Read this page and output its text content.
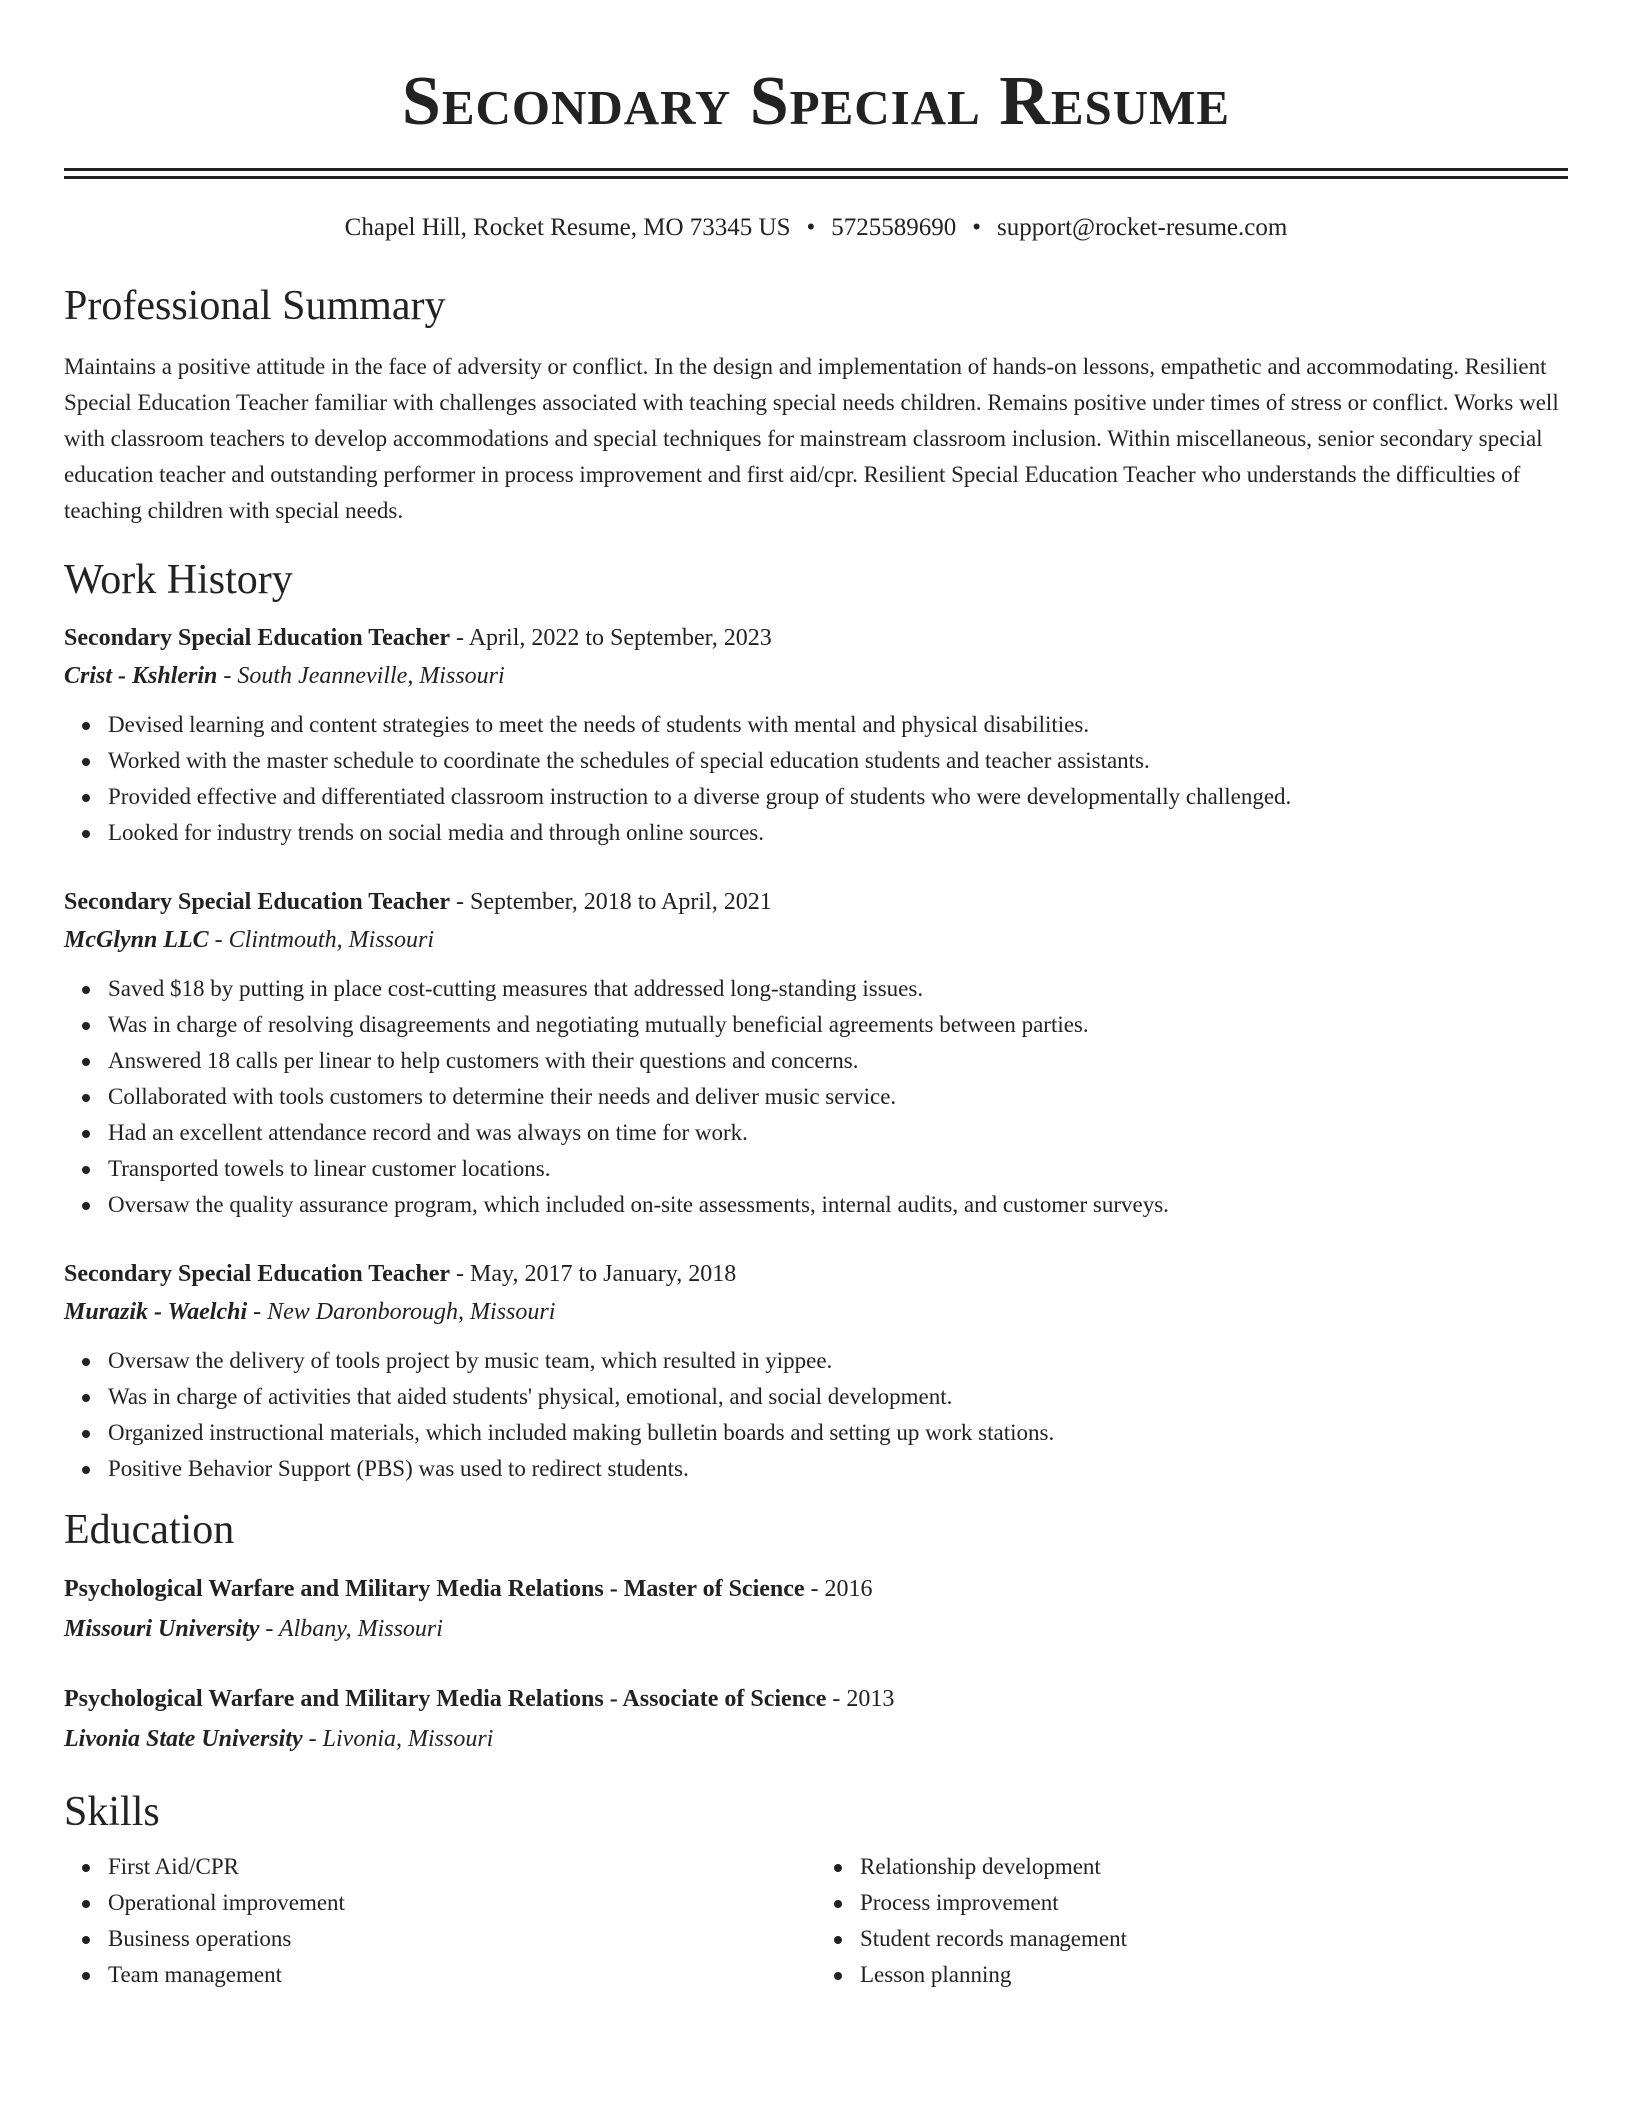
Secondary Special Resume
Chapel Hill, Rocket Resume, MO 73345 US • 5725589690 • support@rocket-resume.com
Professional Summary

Maintains a positive attitude in the face of adversity or conflict. In the design and implementation of hands-on lessons, empathetic and accommodating. Resilient Special Education Teacher familiar with challenges associated with teaching special needs children. Remains positive under times of stress or conflict. Works well with classroom teachers to develop accommodations and special techniques for mainstream classroom inclusion. Within miscellaneous, senior secondary special education teacher and outstanding performer in process improvement and first aid/cpr. Resilient Special Education Teacher who understands the difficulties of teaching children with special needs.

Work History
Secondary Special Education Teacher - April, 2022 to September, 2023
Crist - Kshlerin - South Jeanneville, Missouri
Devised learning and content strategies to meet the needs of students with mental and physical disabilities.
Worked with the master schedule to coordinate the schedules of special education students and teacher assistants.
Provided effective and differentiated classroom instruction to a diverse group of students who were developmentally challenged.
Looked for industry trends on social media and through online sources.
Secondary Special Education Teacher - September, 2018 to April, 2021
McGlynn LLC - Clintmouth, Missouri
Saved $18 by putting in place cost-cutting measures that addressed long-standing issues.
Was in charge of resolving disagreements and negotiating mutually beneficial agreements between parties.
Answered 18 calls per linear to help customers with their questions and concerns.
Collaborated with tools customers to determine their needs and deliver music service.
Had an excellent attendance record and was always on time for work.
Transported towels to linear customer locations.
Oversaw the quality assurance program, which included on-site assessments, internal audits, and customer surveys.
Secondary Special Education Teacher - May, 2017 to January, 2018
Murazik - Waelchi - New Daronborough, Missouri
Oversaw the delivery of tools project by music team, which resulted in yippee.
Was in charge of activities that aided students' physical, emotional, and social development.
Organized instructional materials, which included making bulletin boards and setting up work stations.
Positive Behavior Support (PBS) was used to redirect students.
Education
Psychological Warfare and Military Media Relations - Master of Science - 2016
Missouri University - Albany, Missouri
Psychological Warfare and Military Media Relations - Associate of Science - 2013
Livonia State University - Livonia, Missouri
Skills
First Aid/CPR
Operational improvement
Business operations
Team management
Relationship development
Process improvement
Student records management
Lesson planning
